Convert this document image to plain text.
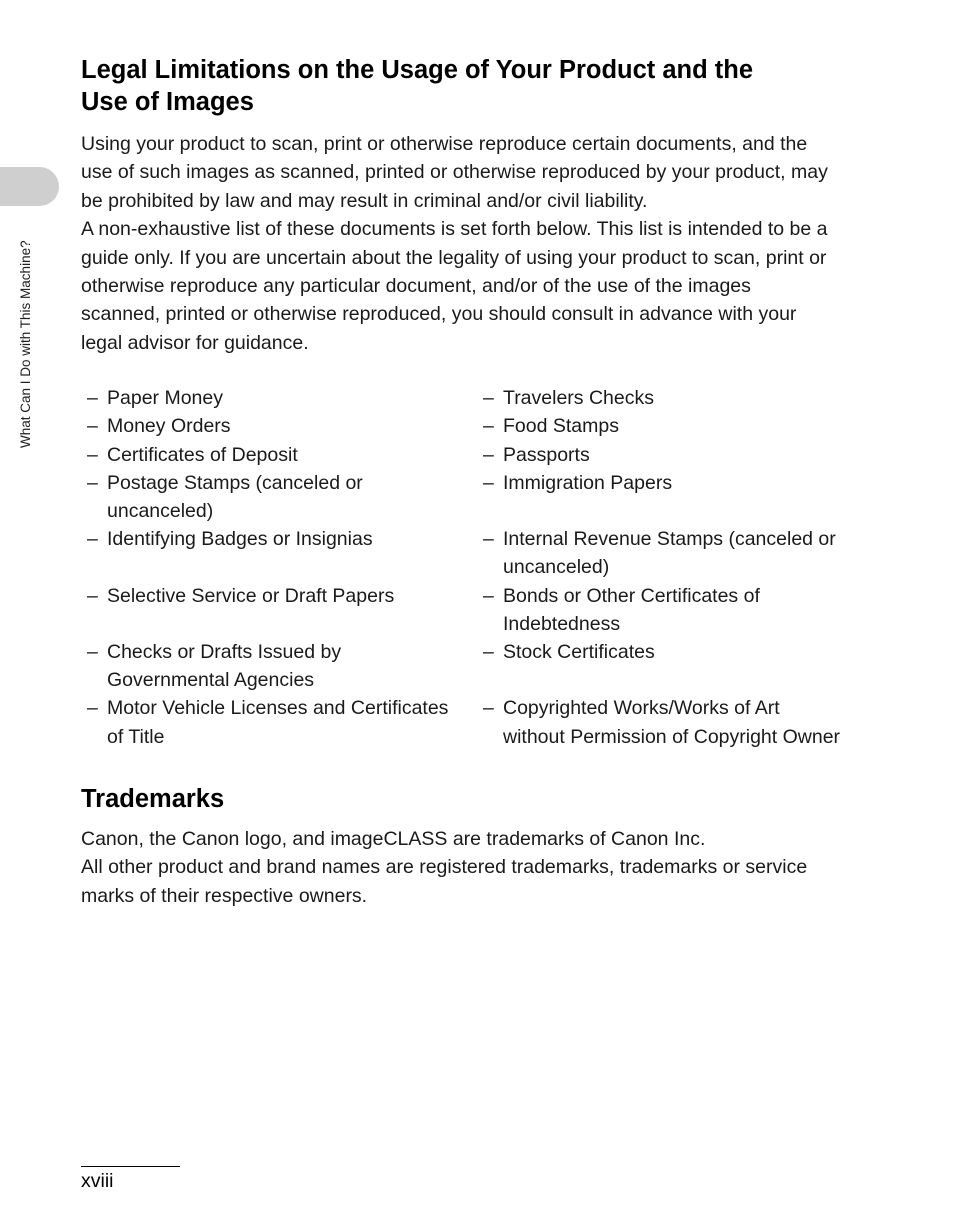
What Can I Do with This Machine?
Legal Limitations on the Usage of Your Product and the
Use of Images
Using your product to scan, print or otherwise reproduce certain documents, and the
use of such images as scanned, printed or otherwise reproduced by your product, may
be prohibited by law and may result in criminal and/or civil liability.
A non-exhaustive list of these documents is set forth below. This list is intended to be a
guide only. If you are uncertain about the legality of using your product to scan, print or
otherwise reproduce any particular document, and/or of the use of the images
scanned, printed or otherwise reproduced, you should consult in advance with your
legal advisor for guidance.
– Paper Money	– Travelers Checks
– Money Orders	– Food Stamps
– Certificates of Deposit	– Passports
– Postage Stamps (canceled or
uncanceled)
– Immigration Papers
– Identifying Badges or Insignias	– Internal Revenue Stamps (canceled or
uncanceled)
– Selective Service or Draft Papers	– Bonds or Other Certificates of
Indebtedness
– Checks or Drafts Issued by
Governmental Agencies
– Stock Certificates
– Motor Vehicle Licenses and Certificates
of Title
– Copyrighted Works/Works of Art
without Permission of Copyright Owner
Trademarks
Canon, the Canon logo, and imageCLASS are trademarks of Canon Inc.
All other product and brand names are registered trademarks, trademarks or service
marks of their respective owners.
xviii
